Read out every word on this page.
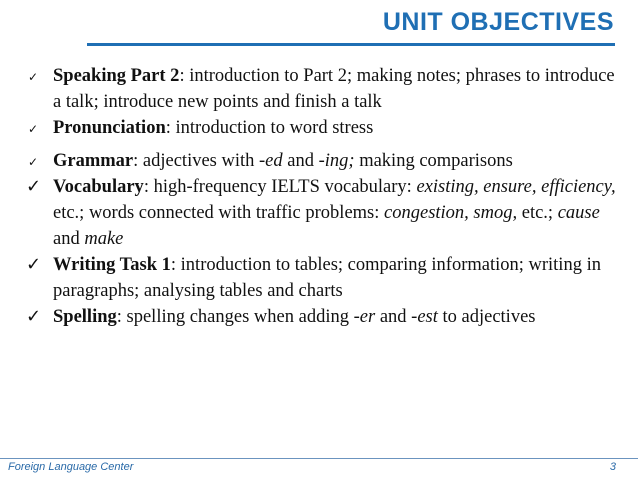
UNIT OBJECTIVES
✓ Speaking Part 2: introduction to Part 2; making notes; phrases to introduce a talk; introduce new points and finish a talk
✓ Pronunciation: introduction to word stress
✓ Grammar: adjectives with -ed and -ing; making comparisons
✓ Vocabulary: high-frequency IELTS vocabulary: existing, ensure, efficiency, etc.; words connected with traffic problems: congestion, smog, etc.; cause and make
✓ Writing Task 1: introduction to tables; comparing information; writing in paragraphs; analysing tables and charts
✓ Spelling: spelling changes when adding -er and -est to adjectives
Foreign Language Center	3
